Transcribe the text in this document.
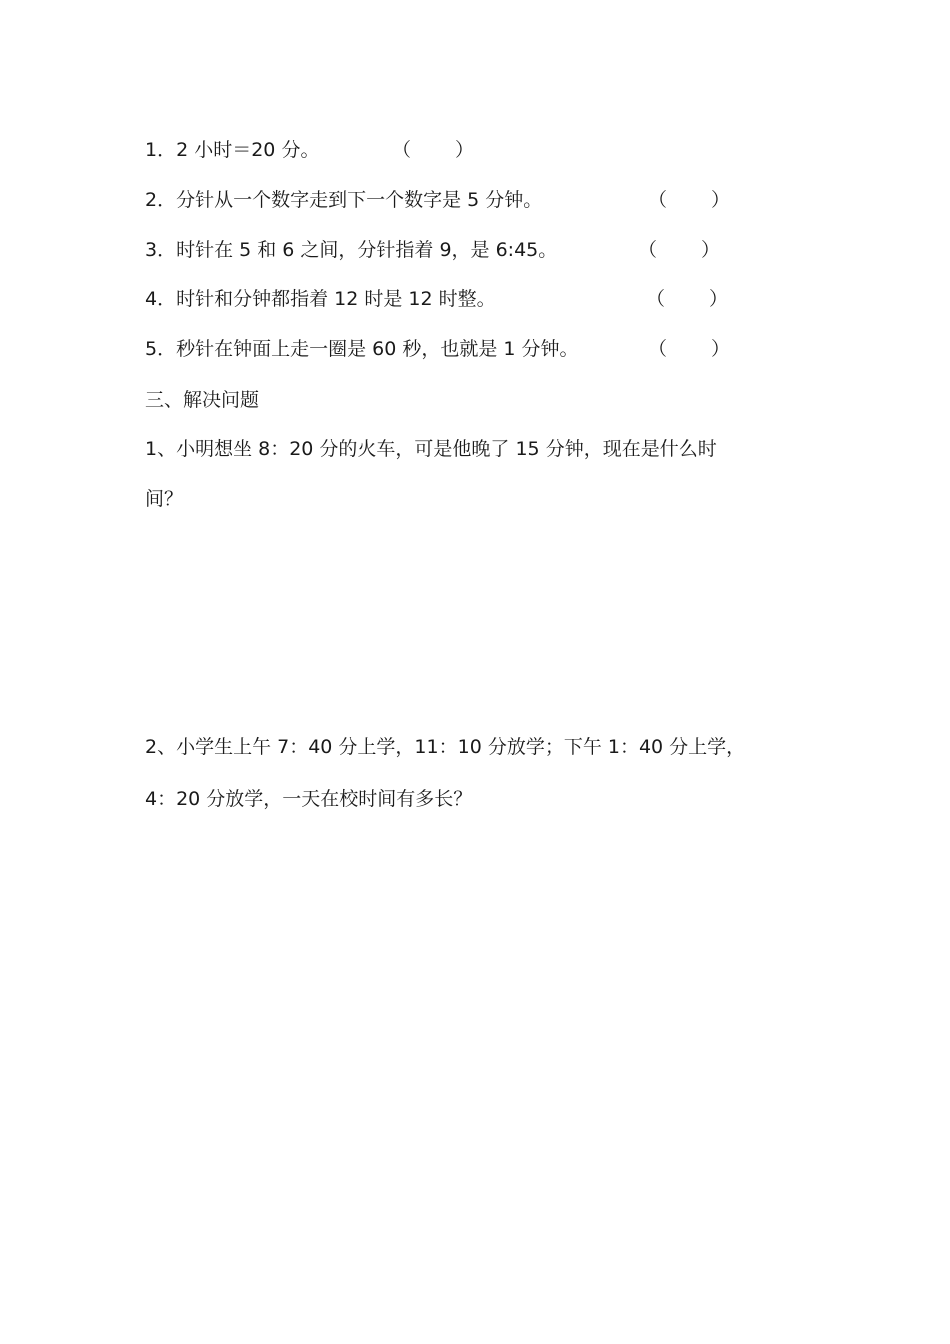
1．2 小时＝20 分。	（ ）
2．分针从一个数字走到下一个数字是 5 分钟。	（ ）
3．时针在 5 和 6 之间，分针指着 9，是 6:45。	（ ）
4．时针和分钟都指着 12 时是 12 时整。	（ ）
5．秒针在钟面上走一圈是 60 秒，也就是 1 分钟。	（ ）
三、解决问题
1、小明想坐 8：20 分的火车，可是他晚了 15 分钟，现在是什么时
间？
2、小学生上午 7：40 分上学，11：10 分放学；下午 1：40 分上学，
4：20 分放学，一天在校时间有多长？
